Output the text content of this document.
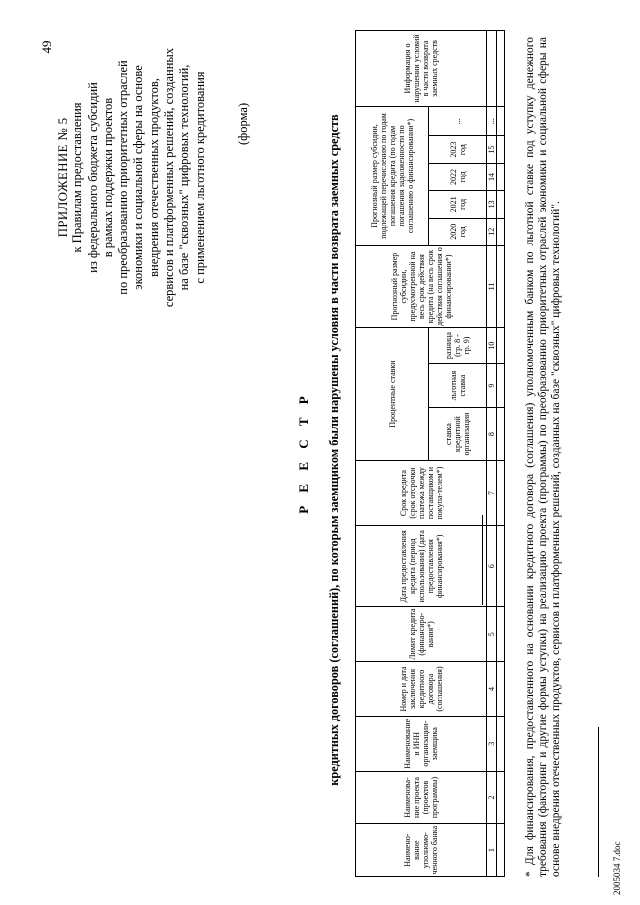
49
ПРИЛОЖЕНИЕ № 5 к Правилам предоставления из федерального бюджета субсидий в рамках поддержки проектов по преобразованию приоритетных отраслей экономики и социальной сферы на основе внедрения отечественных продуктов, сервисов и платформенных решений, созданных на базе "сквозных" цифровых технологий, с применением льготного кредитования (форма)
Р Е Е С Т Р кредитных договоров (соглашений), по которым заемщиком были нарушены условия в части возврата заемных средств
Наимено-вание уполномо-ченного банка	Наименова-ние проекта (проектов программы)	Наименование и ИНН организации-заемщика	Номер и дата заключения кредитного договора (соглашения)	Лимит кредита (финансиро-вания*)	Дата предоставления кредита (период использования) (дата предоставления финансирования*)	Срок кредита (срок отсрочки платежа между поставщиком и покупа-телем*)	Процентные ставки			Прогнозный размер субсидии, предусмотренной на весь срок действия кредита (на весь срок действия соглашения о финансировании*)	Прогнозный размер субсидии, подлежащей перечислению по годам погашения кредита (по годам погашения задолженности по соглашению о финансировании*)					Информация о нарушении условий в части возврата заемных средств
							ставка кредитной организации	льготная ставка	разница (гр. 8 - гр. 9)		2020 год	2021 год	2022 год	2023 год	...	
1	2	3	4	5	6	7	8	9	10	11	12	13	14	15	...	
																* Для финансирования, предоставленного на основании кредитного договора (соглашения) уполномоченным банком по льготной ставке под уступку денежного требования (факторинг и другие формы уступки) на реализацию проекта (программы) по преобразованию приоритетных отраслей экономики и социальной сферы на основе внедрения отечественных продуктов, сервисов и платформенных решений, созданных на базе "сквозных" цифровых технологий".	2005034 7.doc
